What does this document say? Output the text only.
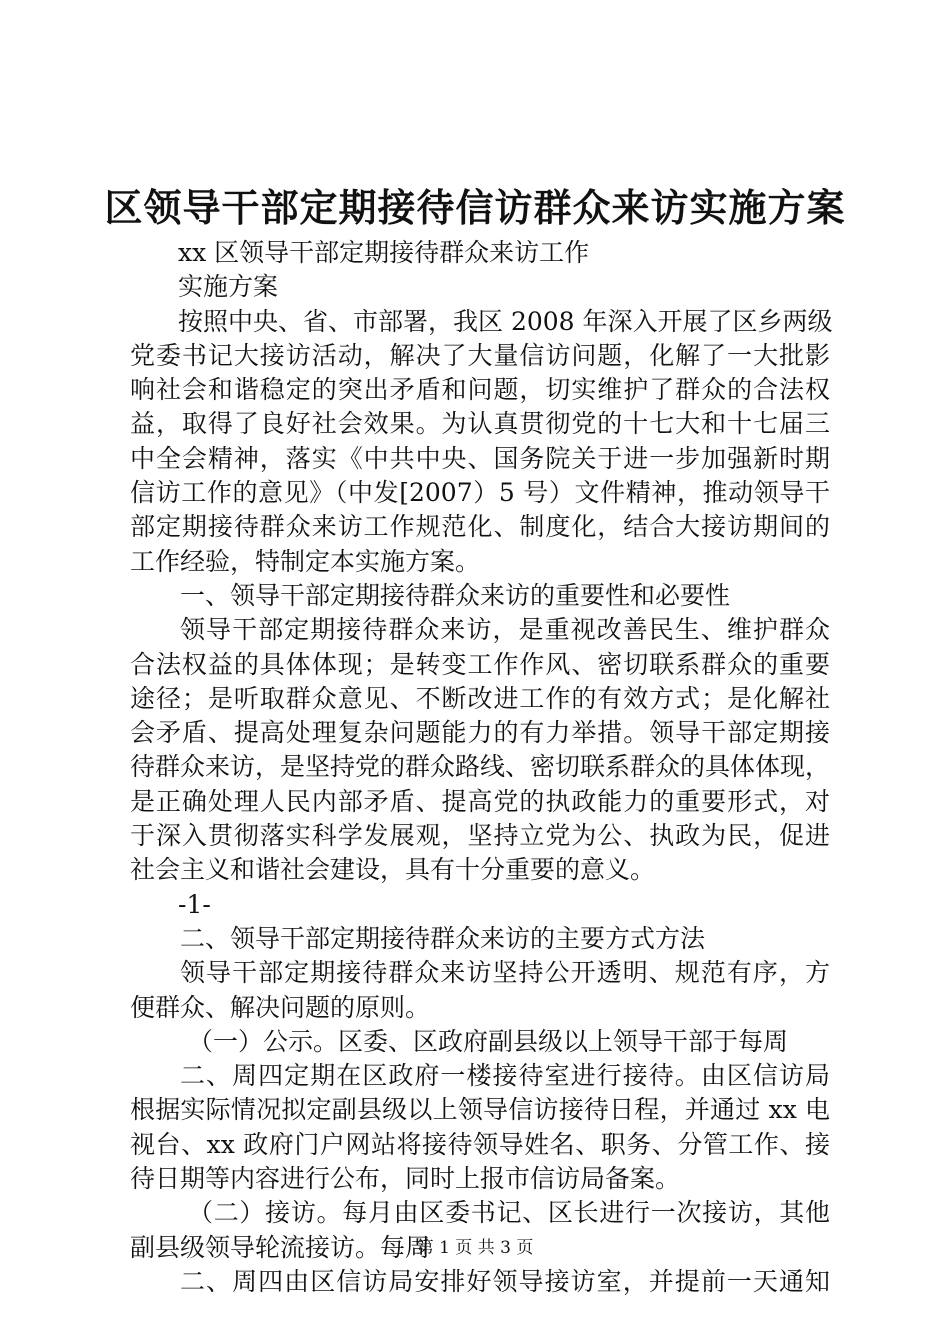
区领导干部定期接待信访群众来访实施方案
xx 区领导干部定期接待群众来访工作
实施方案
按照中央、省、市部署，我区 2008 年深入开展了区乡两级
党委书记大接访活动，解决了大量信访问题，化解了一大批影
响社会和谐稳定的突出矛盾和问题，切实维护了群众的合法权
益，取得了良好社会效果。为认真贯彻党的十七大和十七届三
中全会精神，落实《中共中央、国务院关于进一步加强新时期
信访工作的意见》（中发[2007）5 号）文件精神，推动领导干
部定期接待群众来访工作规范化、制度化，结合大接访期间的
工作经验，特制定本实施方案。
一、领导干部定期接待群众来访的重要性和必要性
领导干部定期接待群众来访，是重视改善民生、维护群众
合法权益的具体体现；是转变工作作风、密切联系群众的重要
途径；是听取群众意见、不断改进工作的有效方式；是化解社
会矛盾、提高处理复杂问题能力的有力举措。领导干部定期接
待群众来访，是坚持党的群众路线、密切联系群众的具体体现，
是正确处理人民内部矛盾、提高党的执政能力的重要形式，对
于深入贯彻落实科学发展观，坚持立党为公、执政为民，促进
社会主义和谐社会建设，具有十分重要的意义。
-1-
二、领导干部定期接待群众来访的主要方式方法
领导干部定期接待群众来访坚持公开透明、规范有序，方
便群众、解决问题的原则。
（一）公示。区委、区政府副县级以上领导干部于每周
二、周四定期在区政府一楼接待室进行接待。由区信访局
根据实际情况拟定副县级以上领导信访接待日程，并通过 xx 电
视台、xx 政府门户网站将接待领导姓名、职务、分管工作、接
待日期等内容进行公布，同时上报市信访局备案。
（二）接访。每月由区委书记、区长进行一次接访，其他
副县级领导轮流接访。每周
二、周四由区信访局安排好领导接访室，并提前一天通知
第 1 页 共 3 页
